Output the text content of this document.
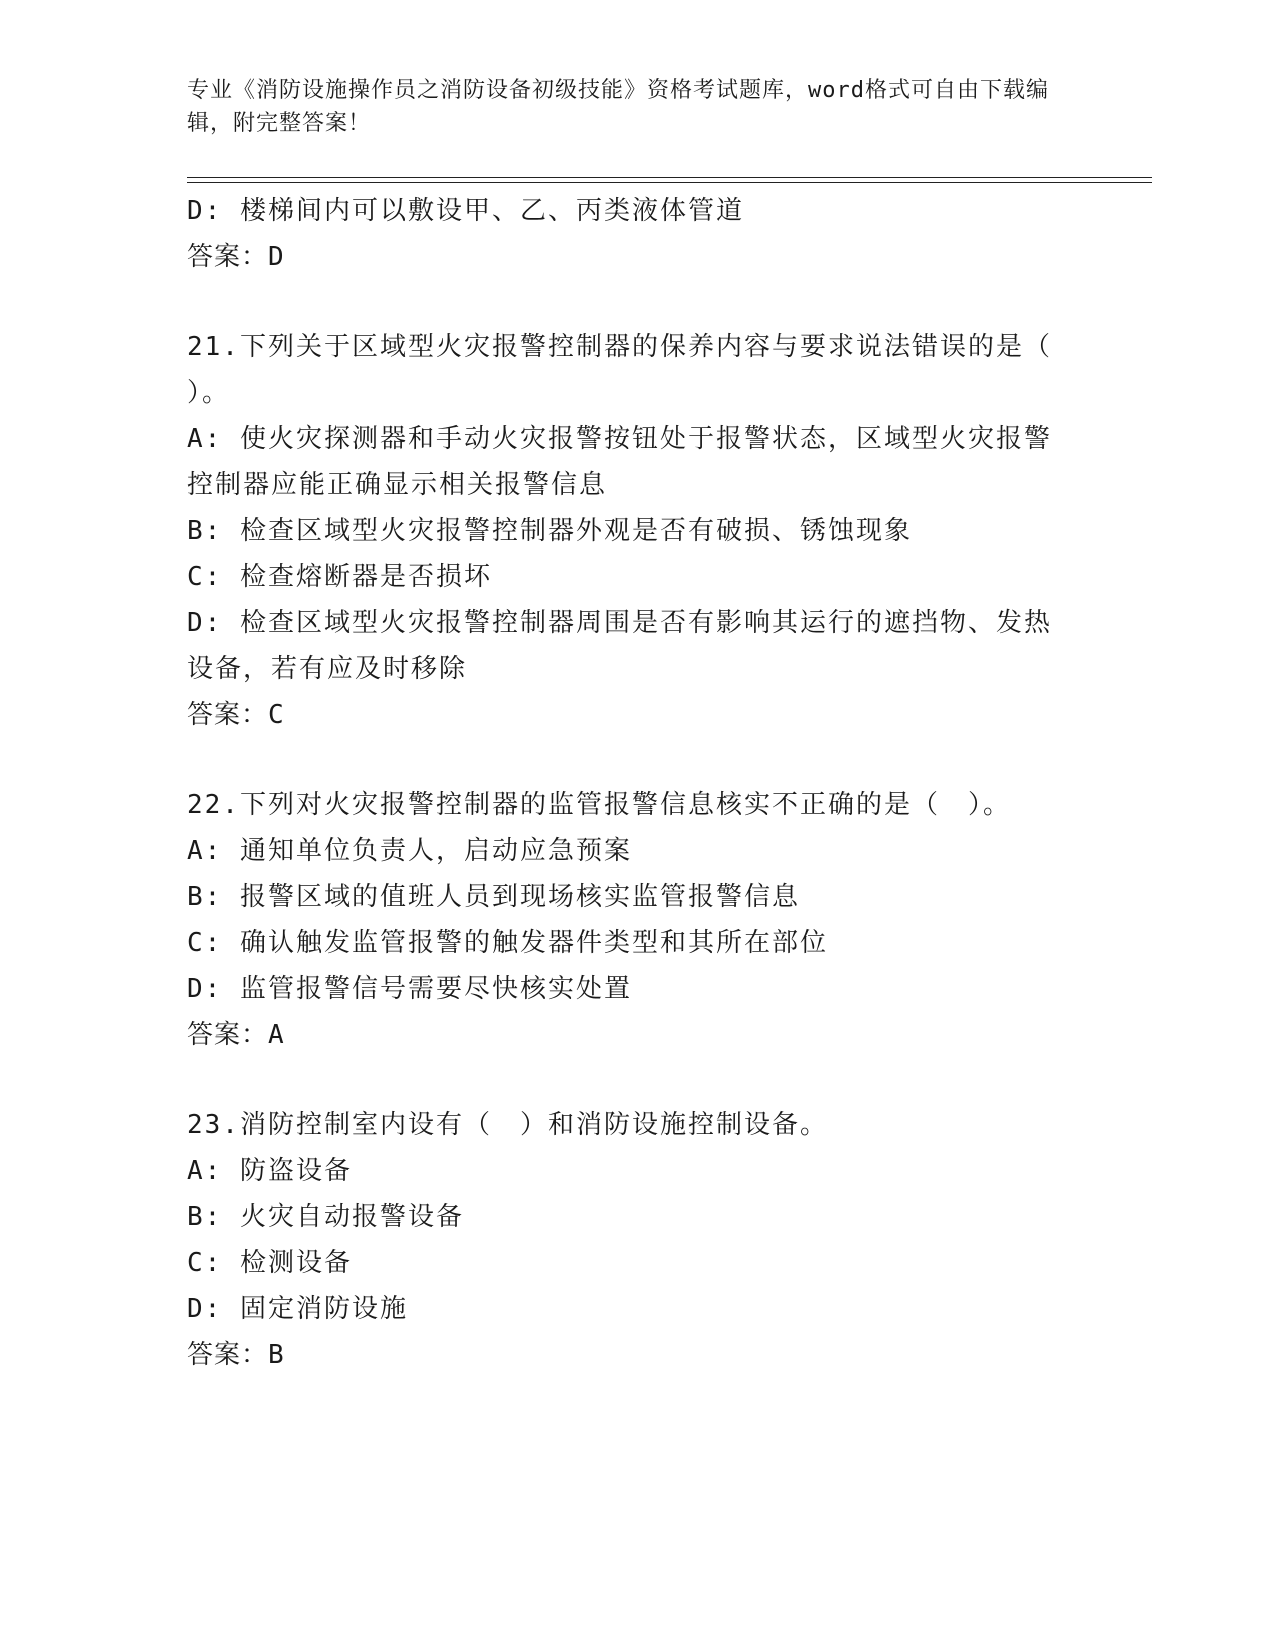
专业《消防设施操作员之消防设备初级技能》资格考试题库，word格式可自由下载编辑，附完整答案！
D: 楼梯间内可以敷设甲、乙、丙类液体管道
答案：D
21.下列关于区域型火灾报警控制器的保养内容与要求说法错误的是（ ）。
A: 使火灾探测器和手动火灾报警按钮处于报警状态，区域型火灾报警控制器应能正确显示相关报警信息
B: 检查区域型火灾报警控制器外观是否有破损、锈蚀现象
C: 检查熔断器是否损坏
D: 检查区域型火灾报警控制器周围是否有影响其运行的遮挡物、发热设备，若有应及时移除
答案：C
22.下列对火灾报警控制器的监管报警信息核实不正确的是（　）。
A: 通知单位负责人，启动应急预案
B: 报警区域的值班人员到现场核实监管报警信息
C: 确认触发监管报警的触发器件类型和其所在部位
D: 监管报警信号需要尽快核实处置
答案：A
23.消防控制室内设有（　）和消防设施控制设备。
A: 防盗设备
B: 火灾自动报警设备
C: 检测设备
D: 固定消防设施
答案：B
